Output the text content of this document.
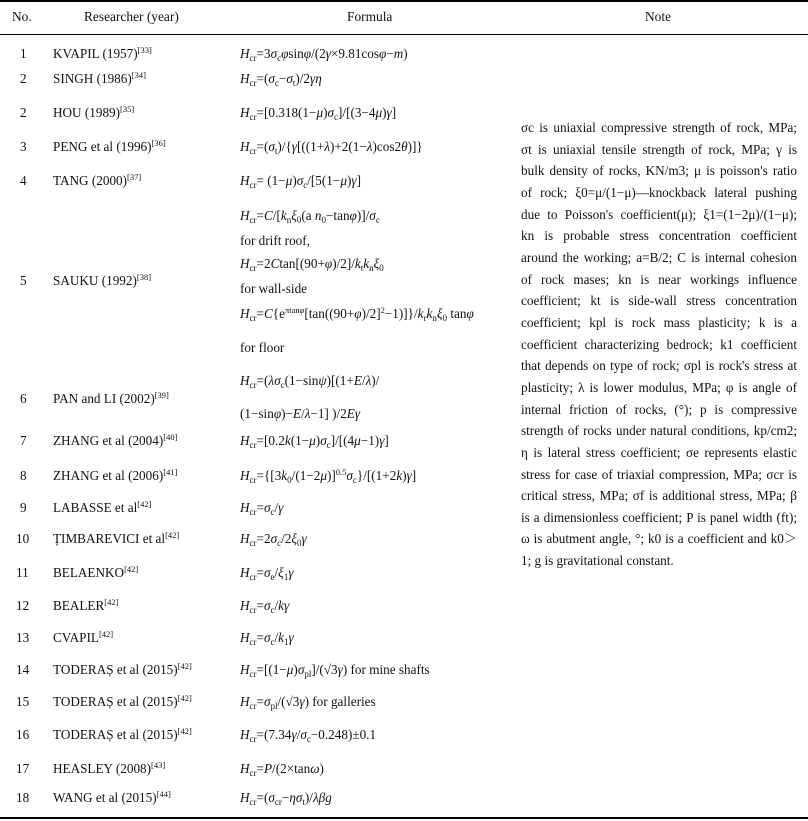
No.	Researcher (year)	Formula	Note
1 KVAPIL (1957)[33]	$H_{cr}=3\sigma_c\varphi\sin\varphi/(2\gamma\times 9.81\cos\varphi-m)$
2 SINGH (1986)[34]	$H_{cr}=(\sigma_c-\sigma_t)/2\gamma\eta$
2 HOU (1989)[35]	$H_{cr}=[0.318(1-\mu)\sigma_c]/[(3-4\mu)\gamma]$
3 PENG et al (1996)[36]	$H_{cr}=(\sigma_t)/\{\gamma[((1+\lambda)+2(1-\lambda)\cos 2\theta)]\}$
4 TANG (2000)[37]	$H_{cr}= (1-\mu)\sigma_c/[5(1-\mu)\gamma]$
5 SAUKU (1992)[38]
$H_{cr}=C/[k_n\xi_0(a$ $n_0-\tan\varphi)]/\sigma_c$
for drift roof,
$H_{cr}=2Ctan[(90+\varphi)/2]/k_tk_n\xi_0$
for wall-side
$H_{cr}=C\{e^{\pi tan\varphi}[\tan((90+\varphi)/2]^2-1)]\}/k_rk_n\xi_0$ tanφ
for floor
6 PAN and LI (2002)[39]
$H_{cr}=(\lambda\sigma_c(1-\sin\psi)[(1+E/\lambda)/$
(1−sinφ)−E/λ−1] )/2Eγ
7 ZHANG et al (2004)[40]	$H_{cr}=[0.2k(1-\mu)\sigma_c]/[(4\mu-1)\gamma]$
8 ZHANG et al (2006)[41]	$H_{cr}=\{[3k_0/(1-2\mu)]^{0.5}\sigma_c\}/[(1+2k)\gamma]$
9 LABASSE et al[42]	$H_{cr}=\sigma_c/\gamma$
10 ȚIMBAREVICI et al[42]	$H_{cr}=2\sigma_c/2\xi_0\gamma$
11 BELAENKO[42]	$H_{cr}=\sigma_e/\xi_1\gamma$
12 BEALER[42]	$H_{cr}=\sigma_c/k\gamma$
13 CVAPIL[42]	$H_{cr}=\sigma_c/k_1\gamma$
14 TODERAȘ et al (2015)[42]	$H_{cr}=[(1-\mu)\sigma_{pl}]/(√3\gamma)$ for mine shafts
15 TODERAȘ et al (2015)[42]	$H_{cr}=\sigma_{pl}/(√3\gamma)$ for galleries
16 TODERAȘ et al (2015)[42]	$H_{cr}=(7.34\gamma/\sigma_c-0.248)\pm 0.1$
17 HEASLEY (2008)[43]	$H_{cr}=P/(2\times\tan\omega)$
18 WANG et al (2015)[44]	$H_{cr}=(\sigma_{cr}-\eta\sigma_t)$/λβg

σc is uniaxial compressive strength of rock, MPa; σt is uniaxial tensile strength of rock, MPa; γ is bulk density of rocks, KN/m3; μ is poisson's ratio of rock; ξ0=μ/(1−μ)—knockback lateral pushing due to Poisson's coefficient(μ); ξ1=(1−2μ)/(1−μ); kn is probable stress concentration coefficient around the working; a=B/2; C is internal cohesion of rock mases; kn is near workings influence coefficient; kt is side-wall stress concentration coefficient; kpl is rock mass plasticity; k is a coefficient characterizing bedrock; k1 coefficient that depends on type of rock; σpl is rock's stress at plasticity; λ is lower modulus, MPa; φ is angle of internal friction of rocks, (°); p is compressive strength of rocks under natural conditions, kp/cm2; η is lateral stress coefficient; σe represents elastic stress for case of triaxial compression, MPa; σcr is critical stress, MPa; σf is additional stress, MPa; β is a dimensionless coefficient; P is panel width (ft); ω is abutment angle, °; k0 is a coefficient and k0＞1; g is gravitational constant.
